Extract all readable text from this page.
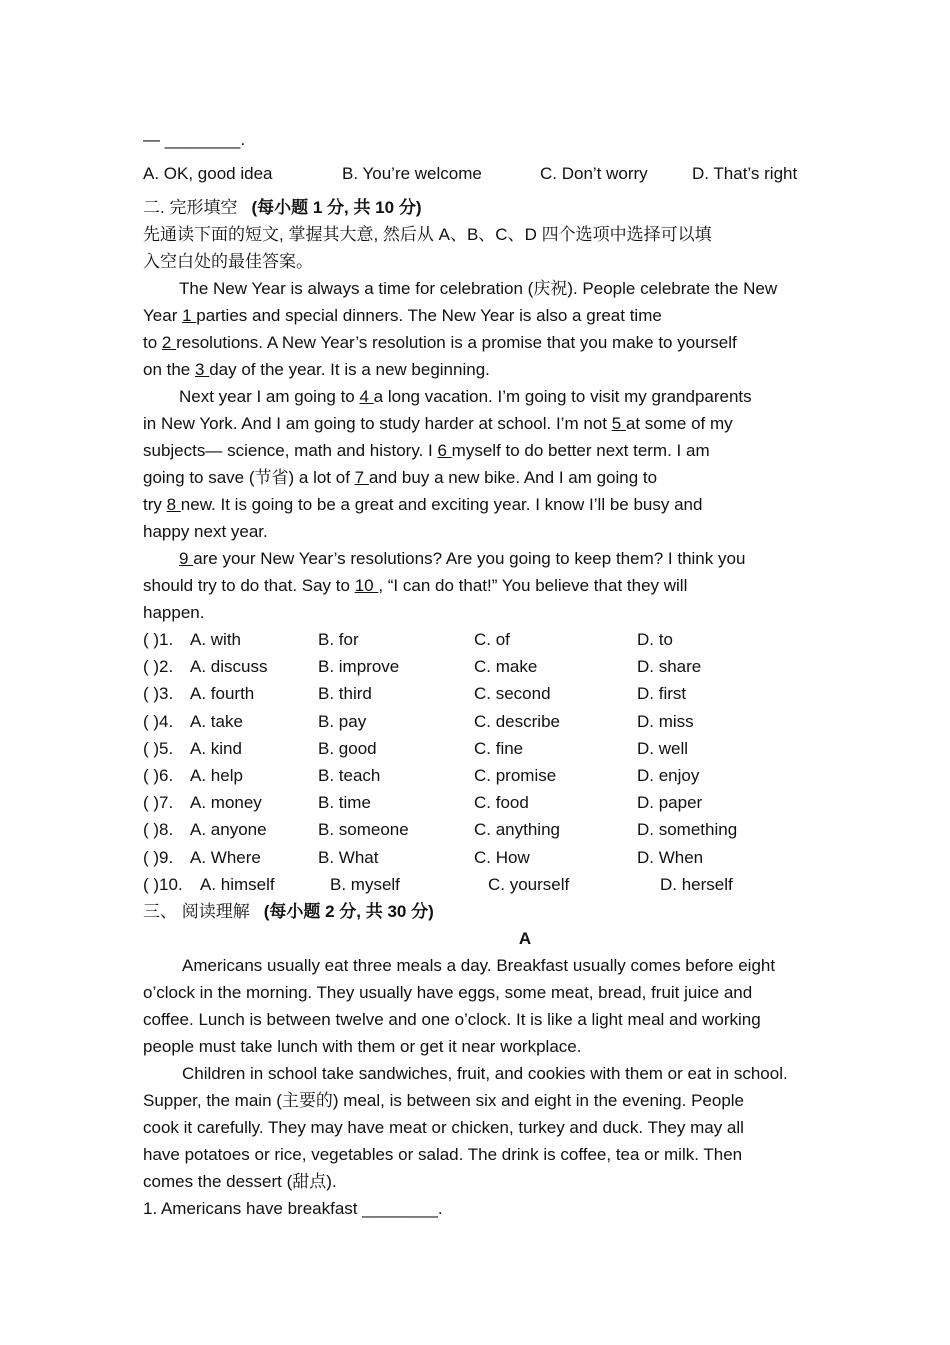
— ________.
A. OK, good idea	B. You’re welcome	C. Don’t worry	D. That’s right
二. 完形填空 (每小题 1 分, 共 10 分)
先通读下面的短文, 掌握其大意, 然后从 A、B、C、D 四个选项中选择可以填
入空白处的最佳答案。
The New Year is always a time for celebration (庆祝). People celebrate the New
Year 1 parties and special dinners. The New Year is also a great time
to 2 resolutions. A New Year’s resolution is a promise that you make to yourself
on the 3 day of the year. It is a new beginning.
Next year I am going to 4 a long vacation. I’m going to visit my grandparents
in New York. And I am going to study harder at school. I’m not 5 at some of my
subjects— science, math and history. I 6 myself to do better next term. I am
going to save (节省) a lot of 7 and buy a new bike. And I am going to
try 8 new. It is going to be a great and exciting year. I know I’ll be busy and
happy next year.
9 are your New Year’s resolutions? Are you going to keep them? I think you
should try to do that. Say to 10 , “I can do that!” You believe that they will
happen.
( )1. A. with	B. for	C. of	D. to
( )2. A. discuss	B. improve	C. make	D. share
( )3. A. fourth	B. third	C. second	D. first
( )4. A. take	B. pay	C. describe	D. miss
( )5. A. kind	B. good	C. fine	D. well
( )6. A. help	B. teach	C. promise	D. enjoy
( )7. A. money	B. time	C. food	D. paper
( )8. A. anyone	B. someone	C. anything	D. something
( )9. A. Where	B. What	C. How	D. When
( )10.	A. himself	B. myself	C. yourself	D. herself
三、 阅读理解 (每小题 2 分, 共 30 分)
A
Americans usually eat three meals a day. Breakfast usually comes before eight
o’clock in the morning. They usually have eggs, some meat, bread, fruit juice and
coffee. Lunch is between twelve and one o’clock. It is like a light meal and working
people must take lunch with them or get it near workplace.
Children in school take sandwiches, fruit, and cookies with them or eat in school.
Supper, the main (主要的) meal, is between six and eight in the evening. People
cook it carefully. They may have meat or chicken, turkey and duck. They may all
have potatoes or rice, vegetables or salad. The drink is coffee, tea or milk. Then
comes the dessert (甜点).
1. Americans have breakfast ________.
